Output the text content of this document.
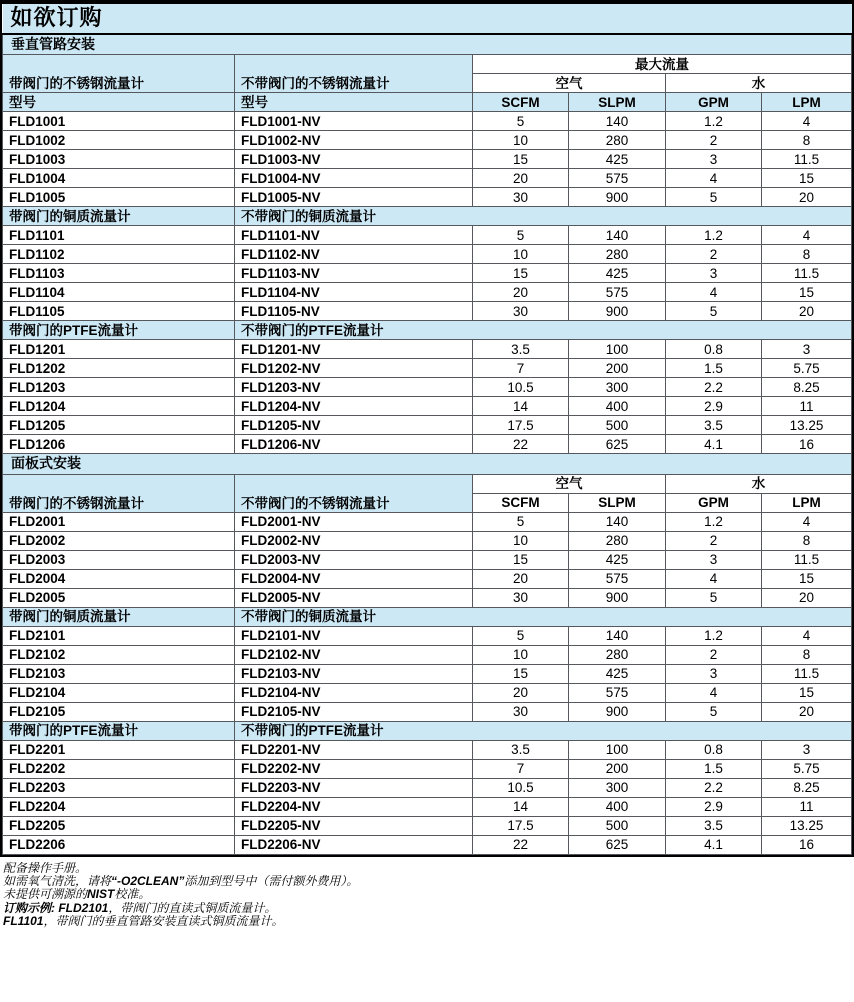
如欲订购					
垂直管路安装					
带阀门的不锈钢流量计	不带阀门的不锈钢流量计	最大流量			
		空气		水	
型号	型号	SCFM	SLPM	GPM	LPM
FLD1001	FLD1001-NV	5	140	1.2	4
FLD1002	FLD1002-NV	10	280	2	8
FLD1003	FLD1003-NV	15	425	3	11.5
FLD1004	FLD1004-NV	20	575	4	15
FLD1005	FLD1005-NV	30	900	5	20
带阀门的铜质流量计	不带阀门的铜质流量计				
FLD1101	FLD1101-NV	5	140	1.2	4
FLD1102	FLD1102-NV	10	280	2	8
FLD1103	FLD1103-NV	15	425	3	11.5
FLD1104	FLD1104-NV	20	575	4	15
FLD1105	FLD1105-NV	30	900	5	20
带阀门的PTFE流量计	不带阀门的PTFE流量计				
FLD1201	FLD1201-NV	3.5	100	0.8	3
FLD1202	FLD1202-NV	7	200	1.5	5.75
FLD1203	FLD1203-NV	10.5	300	2.2	8.25
FLD1204	FLD1204-NV	14	400	2.9	11
FLD1205	FLD1205-NV	17.5	500	3.5	13.25
FLD1206	FLD1206-NV	22	625	4.1	16
面板式安装					
带阀门的不锈钢流量计	不带阀门的不锈钢流量计	空气		水	
		SCFM	SLPM	GPM	LPM
FLD2001	FLD2001-NV	5	140	1.2	4
FLD2002	FLD2002-NV	10	280	2	8
FLD2003	FLD2003-NV	15	425	3	11.5
FLD2004	FLD2004-NV	20	575	4	15
FLD2005	FLD2005-NV	30	900	5	20
带阀门的铜质流量计	不带阀门的铜质流量计				
FLD2101	FLD2101-NV	5	140	1.2	4
FLD2102	FLD2102-NV	10	280	2	8
FLD2103	FLD2103-NV	15	425	3	11.5
FLD2104	FLD2104-NV	20	575	4	15
FLD2105	FLD2105-NV	30	900	5	20
带阀门的PTFE流量计	不带阀门的PTFE流量计				
FLD2201	FLD2201-NV	3.5	100	0.8	3
FLD2202	FLD2202-NV	7	200	1.5	5.75
FLD2203	FLD2203-NV	10.5	300	2.2	8.25
FLD2204	FLD2204-NV	14	400	2.9	11
FLD2205	FLD2205-NV	17.5	500	3.5	13.25
FLD2206	FLD2206-NV	22	625	4.1	16
配备操作手册。
如需氧气清洗，请将“-O2CLEAN”添加到型号中（需付额外费用）。
未提供可溯源的NIST校准。
订购示例: FLD2101，带阀门的直读式铜质流量计。
FL1101，带阀门的垂直管路安装直读式铜质流量计。
